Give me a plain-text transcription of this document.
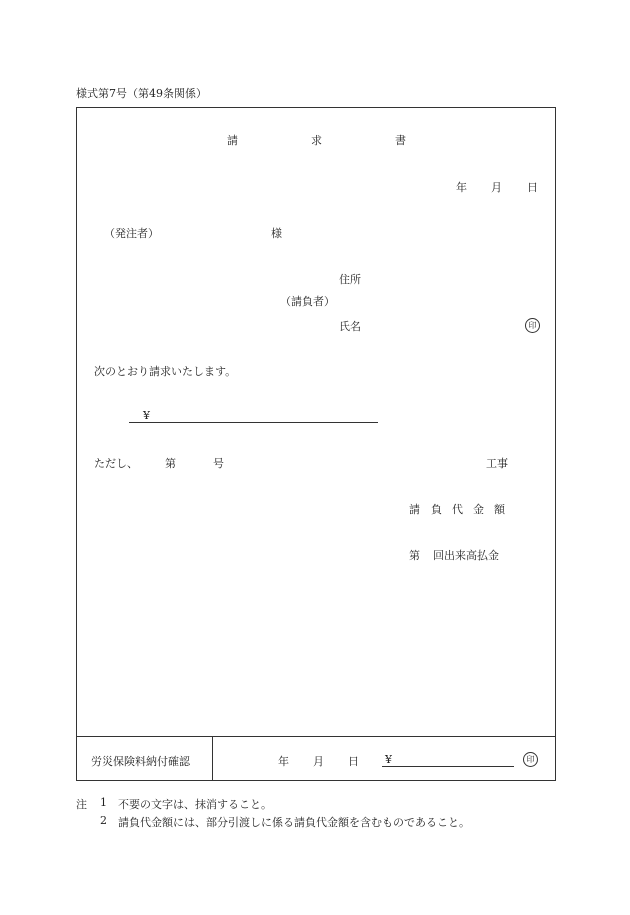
様式第7号（第49条関係）
請	求	書
年 月 日
（発注者）	様
住所
（請負者）
氏名	印
次のとおり請求いたします。
¥
ただし、 第	号	工事
請 負 代 金 額
第 回出来高払金
労災保険料納付確認	年 月 日 ¥	印
注 1 不要の文字は、抹消すること。
2 請負代金額には、部分引渡しに係る請負代金額を含むものであること。
